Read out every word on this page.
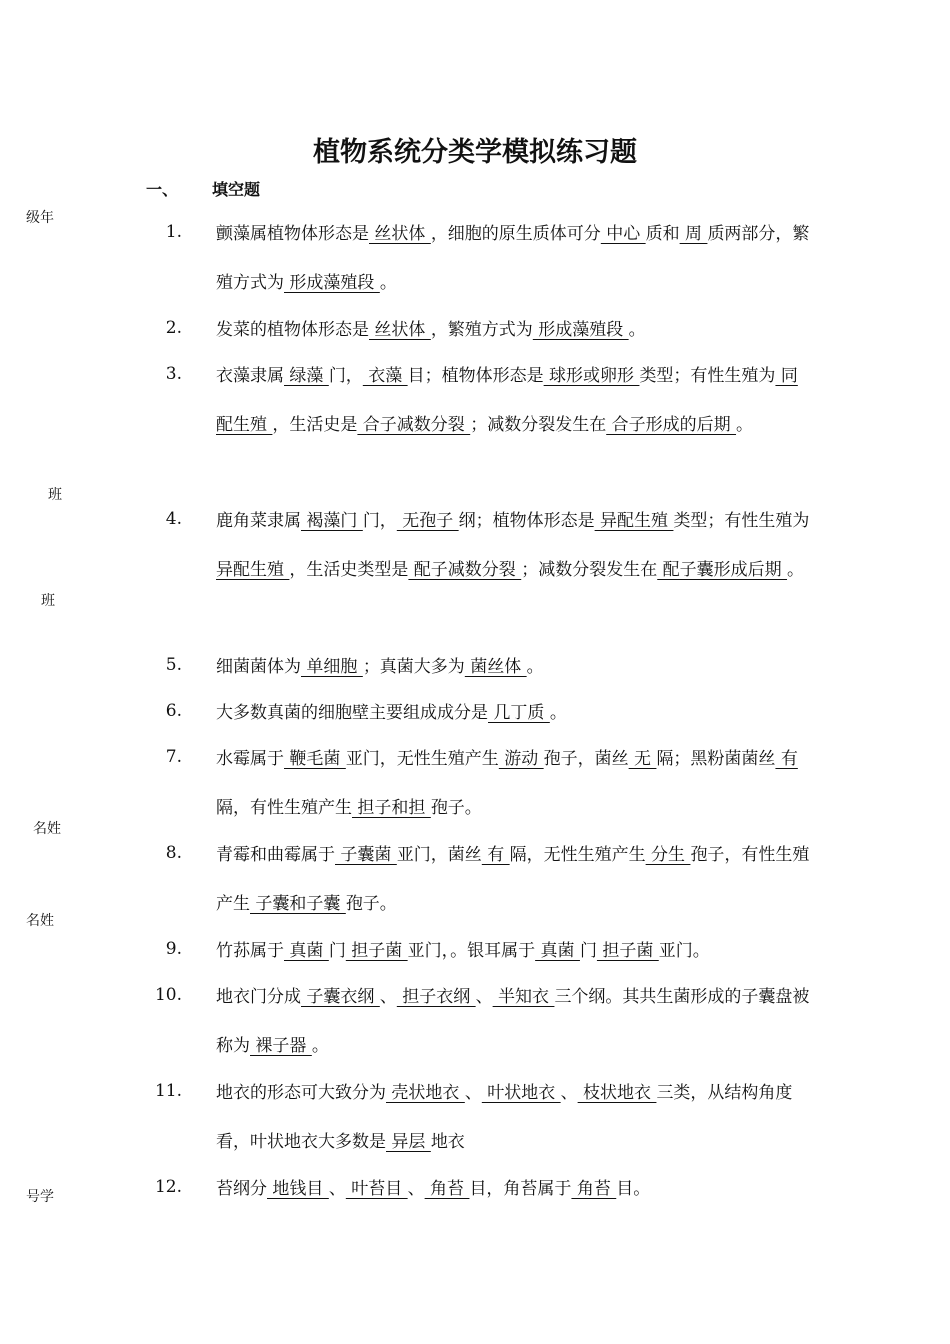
植物系统分类学模拟练习题
一、 填空题
级年
班
班
名姓
名姓
号学
1. 颤藻属植物体形态是 丝状体 ，细胞的原生质体可分 中心 质和 周 质两部分，繁殖方式为 形成藻殖段 。
2. 发菜的植物体形态是 丝状体 ，繁殖方式为 形成藻殖段 。
3. 衣藻隶属 绿藻 门， 衣藻 目；植物体形态是 球形或卵形 类型；有性生殖为 同配生殖 ，生活史是 合子减数分裂 ；减数分裂发生在 合子形成的后期 。
4. 鹿角菜隶属 褐藻门 门， 无孢子 纲；植物体形态是 异配生殖 类型；有性生殖为 异配生殖 ，生活史类型是 配子减数分裂 ；减数分裂发生在 配子囊形成后期 。
5. 细菌菌体为 单细胞 ；真菌大多为 菌丝体 。
6. 大多数真菌的细胞壁主要组成成分是 几丁质 。
7. 水霉属于 鞭毛菌 亚门，无性生殖产生 游动 孢子，菌丝 无 隔；黑粉菌菌丝 有 隔，有性生殖产生 担子和担 孢子。
8. 青霉和曲霉属于 子囊菌 亚门，菌丝 有 隔，无性生殖产生 分生 孢子，有性生殖产生 子囊和子囊 孢子。
9. 竹荪属于 真菌 门 担子菌 亚门，。银耳属于 真菌 门 担子菌 亚门。
10. 地衣门分成 子囊衣纲 、 担子衣纲 、 半知衣 三个纲。其共生菌形成的子囊盘被称为 裸子器 。
11. 地衣的形态可大致分为 壳状地衣 、 叶状地衣 、 枝状地衣 三类，从结构角度看，叶状地衣大多数是 异层 地衣
12. 苔纲分 地钱目 、 叶苔目 、 角苔 目，角苔属于 角苔 目。
